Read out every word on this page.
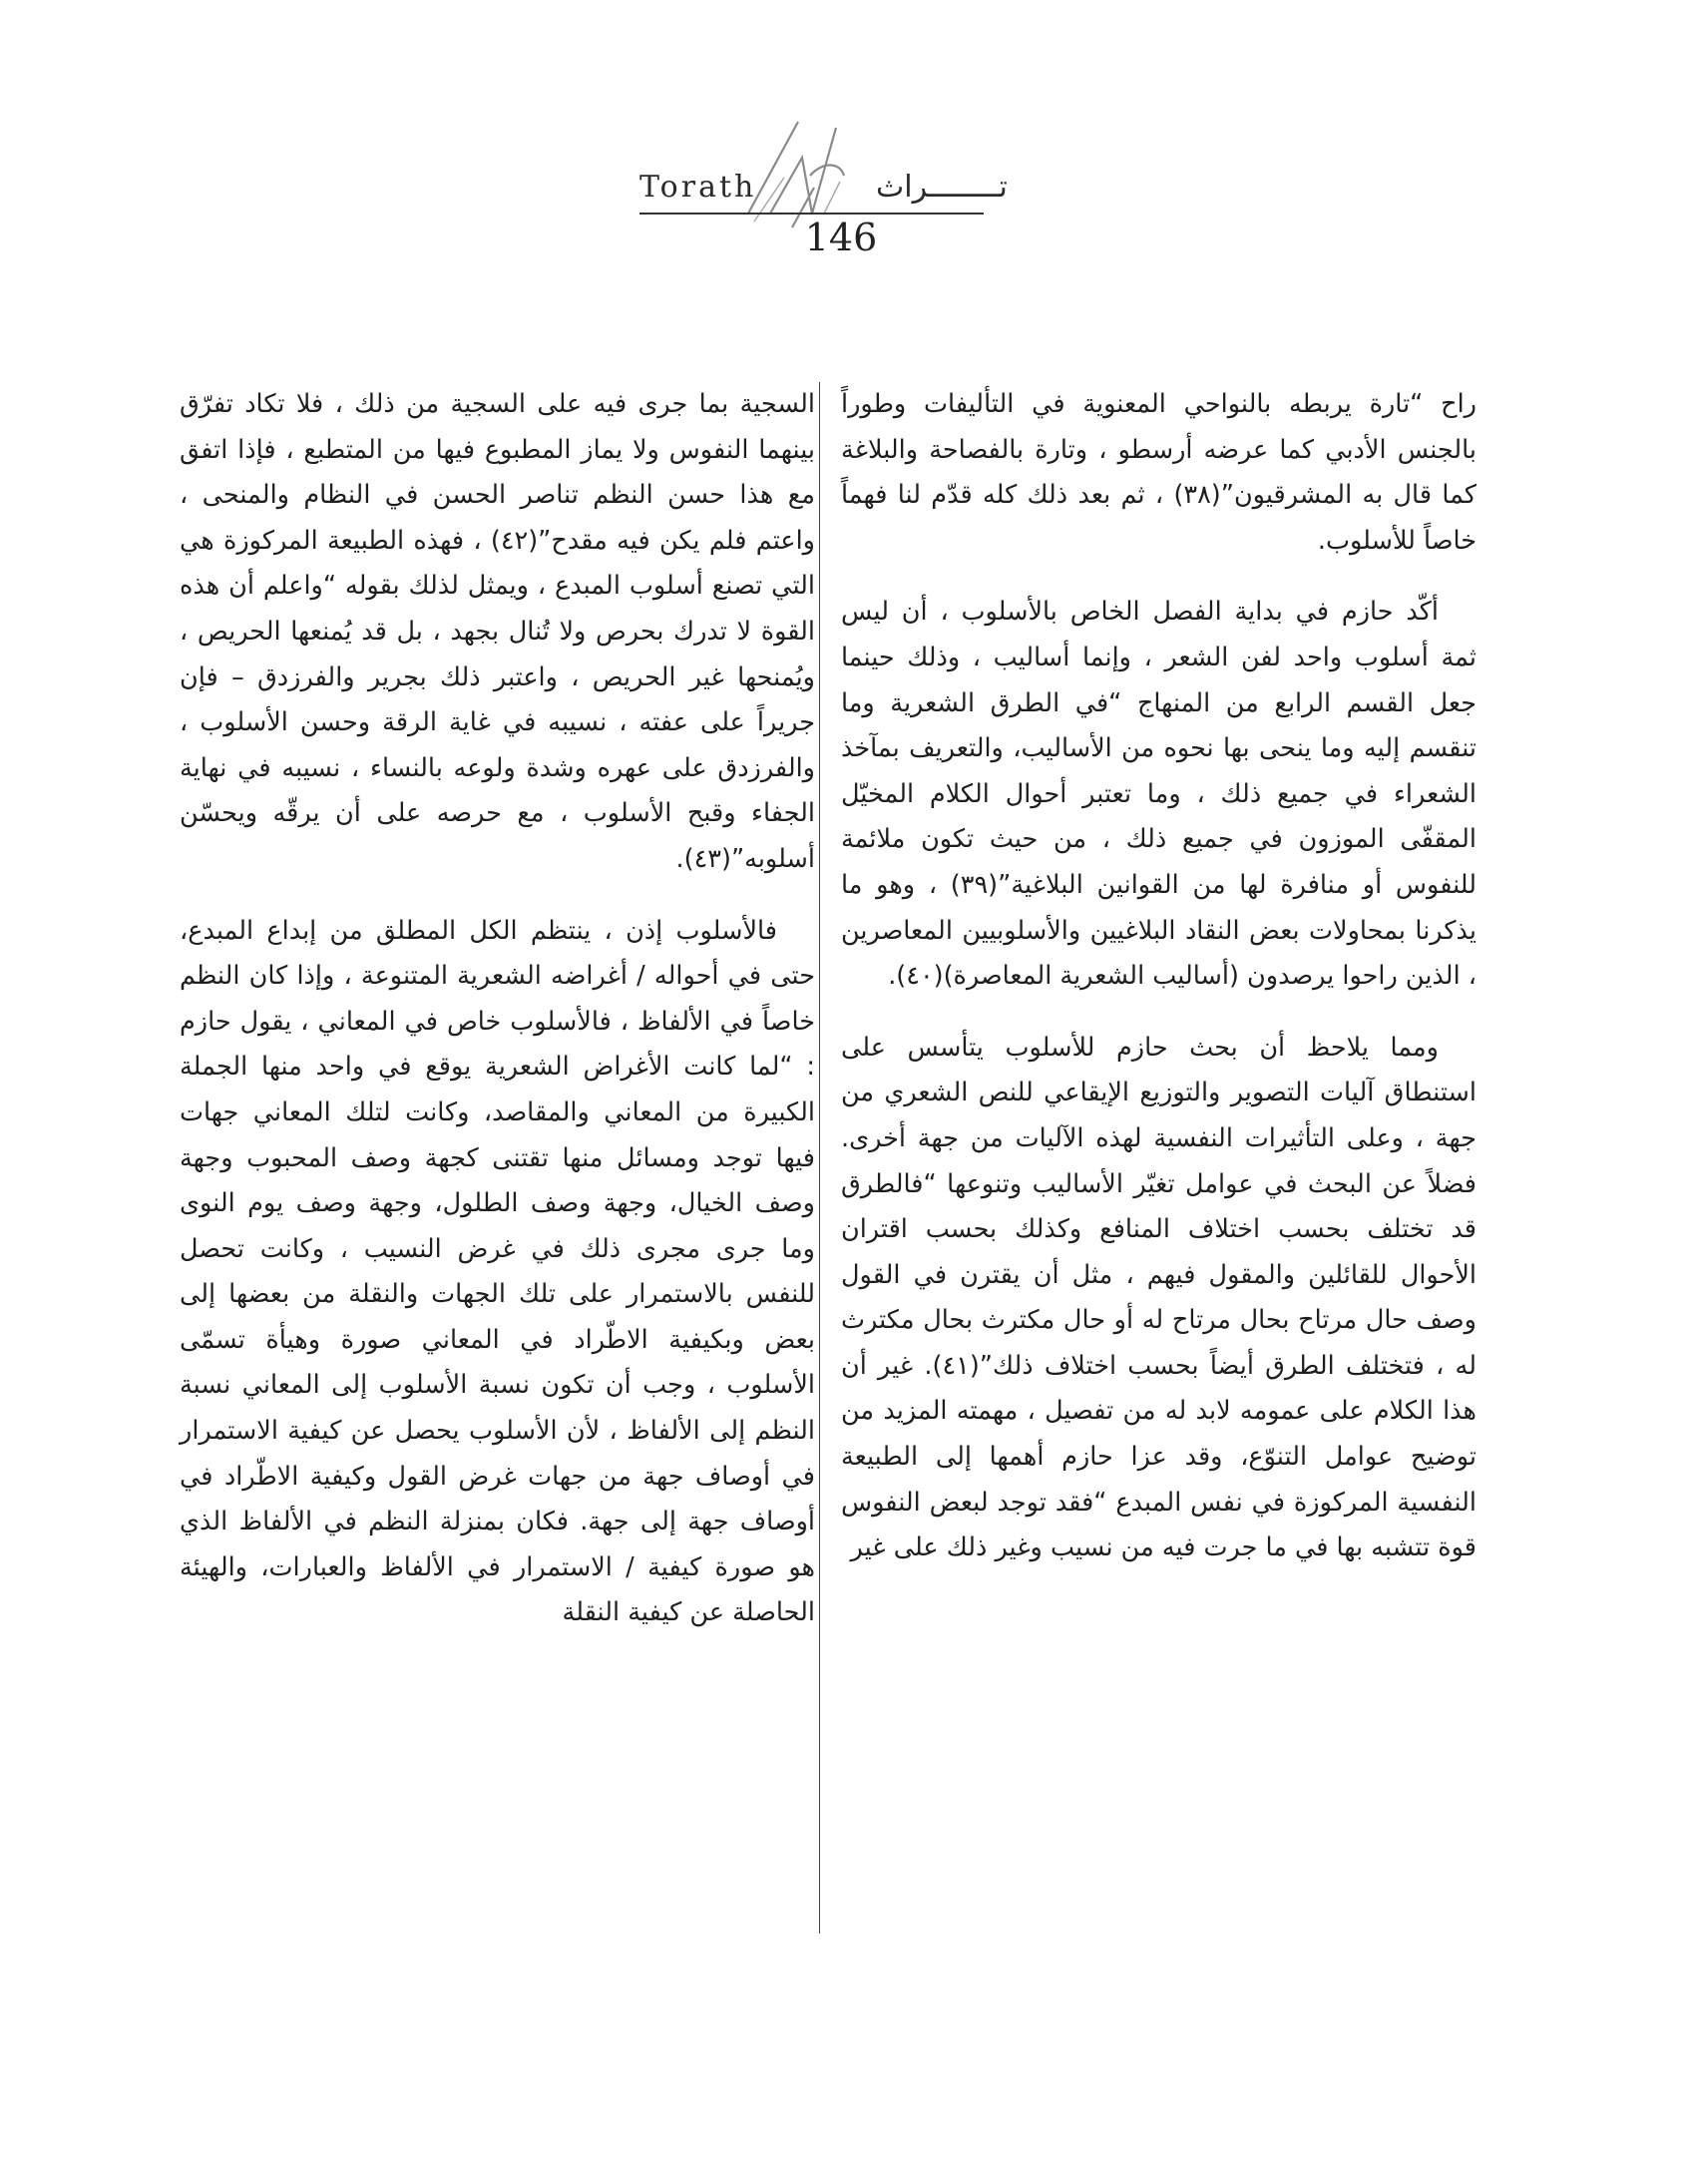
Torath	تــــــــراث
146

راح “تارة يربطه بالنواحي المعنوية في التأليفات وطوراً بالجنس الأدبي كما عرضه أرسطو ، وتارة بالفصاحة والبلاغة كما قال به المشرقيون”(٣٨) ، ثم بعد ذلك كله قدّم لنا فهماً خاصاً للأسلوب.

أكّد حازم في بداية الفصل الخاص بالأسلوب ، أن ليس ثمة أسلوب واحد لفن الشعر ، وإنما أساليب ، وذلك حينما جعل القسم الرابع من المنهاج “في الطرق الشعرية وما تنقسم إليه وما ينحى بها نحوه من الأساليب، والتعريف بمآخذ الشعراء في جميع ذلك ، وما تعتبر أحوال الكلام المخيّل المقفّى الموزون في جميع ذلك ، من حيث تكون ملائمة للنفوس أو منافرة لها من القوانين البلاغية”(٣٩) ، وهو ما يذكرنا بمحاولات بعض النقاد البلاغيين والأسلوبيين المعاصرين ، الذين راحوا يرصدون (أساليب الشعرية المعاصرة)(٤٠).

ومما يلاحظ أن بحث حازم للأسلوب يتأسس على استنطاق آليات التصوير والتوزيع الإيقاعي للنص الشعري من جهة ، وعلى التأثيرات النفسية لهذه الآليات من جهة أخرى. فضلاً عن البحث في عوامل تغيّر الأساليب وتنوعها “فالطرق قد تختلف بحسب اختلاف المنافع وكذلك بحسب اقتران الأحوال للقائلين والمقول فيهم ، مثل أن يقترن في القول وصف حال مرتاح بحال مرتاح له أو حال مكترث بحال مكترث له ، فتختلف الطرق أيضاً بحسب اختلاف ذلك”(٤١). غير أن هذا الكلام على عمومه لابد له من تفصيل ، مهمته المزيد من توضيح عوامل التنوّع، وقد عزا حازم أهمها إلى الطبيعة النفسية المركوزة في نفس المبدع “فقد توجد لبعض النفوس قوة تتشبه بها في ما جرت فيه من نسيب وغير ذلك على غير

السجية بما جرى فيه على السجية من ذلك ، فلا تكاد تفرّق بينهما النفوس ولا يماز المطبوع فيها من المتطبع ، فإذا اتفق مع هذا حسن النظم تناصر الحسن في النظام والمنحى ، واعتم فلم يكن فيه مقدح”(٤٢) ، فهذه الطبيعة المركوزة هي التي تصنع أسلوب المبدع ، ويمثل لذلك بقوله “واعلم أن هذه القوة لا تدرك بحرص ولا تُنال بجهد ، بل قد يُمنعها الحريص ، ويُمنحها غير الحريص ، واعتبر ذلك بجرير والفرزدق – فإن جريراً على عفته ، نسيبه في غاية الرقة وحسن الأسلوب ، والفرزدق على عهره وشدة ولوعه بالنساء ، نسيبه في نهاية الجفاء وقبح الأسلوب ، مع حرصه على أن يرقّه ويحسّن أسلوبه”(٤٣).

فالأسلوب إذن ، ينتظم الكل المطلق من إبداع المبدع، حتى في أحواله / أغراضه الشعرية المتنوعة ، وإذا كان النظم خاصاً في الألفاظ ، فالأسلوب خاص في المعاني ، يقول حازم : “لما كانت الأغراض الشعرية يوقع في واحد منها الجملة الكبيرة من المعاني والمقاصد، وكانت لتلك المعاني جهات فيها توجد ومسائل منها تقتنى كجهة وصف المحبوب وجهة وصف الخيال، وجهة وصف الطلول، وجهة وصف يوم النوى وما جرى مجرى ذلك في غرض النسيب ، وكانت تحصل للنفس بالاستمرار على تلك الجهات والنقلة من بعضها إلى بعض وبكيفية الاطّراد في المعاني صورة وهيأة تسمّى الأسلوب ، وجب أن تكون نسبة الأسلوب إلى المعاني نسبة النظم إلى الألفاظ ، لأن الأسلوب يحصل عن كيفية الاستمرار في أوصاف جهة من جهات غرض القول وكيفية الاطّراد في أوصاف جهة إلى جهة. فكان بمنزلة النظم في الألفاظ الذي هو صورة كيفية / الاستمرار في الألفاظ والعبارات، والهيئة الحاصلة عن كيفية النقلة
